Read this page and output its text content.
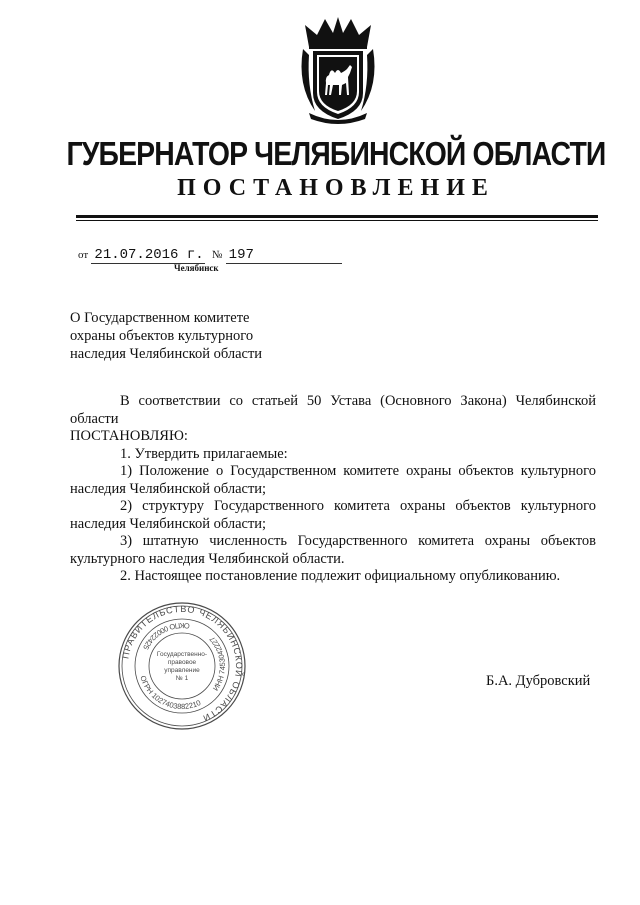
ГУБЕРНАТОР ЧЕЛЯБИНСКОЙ ОБЛАСТИ
ПОСТАНОВЛЕНИЕ
от 21.07.2016 г. № 197
Челябинск
О Государственном комитете
охраны объектов культурного
наследия Челябинской области
В соответствии со статьей 50 Устава (Основного Закона) Челябинской области
ПОСТАНОВЛЯЮ:
1. Утвердить прилагаемые:
1) Положение о Государственном комитете охраны объектов культурного наследия Челябинской области;
2) структуру Государственного комитета охраны объектов культурного наследия Челябинской области;
3) штатную численность Государственного комитета охраны объектов культурного наследия Челябинской области.
2. Настоящее постановление подлежит официальному опубликованию.
ПРАВИТЕЛЬСТВО ЧЕЛЯБИНСКОЙ ОБЛАСТИ
ОГРН 1027403882210
ИНН 7453042227
ОКПО 00022425
Государственно-
правовое
управление
№ 1	Б.А. Дубровский
